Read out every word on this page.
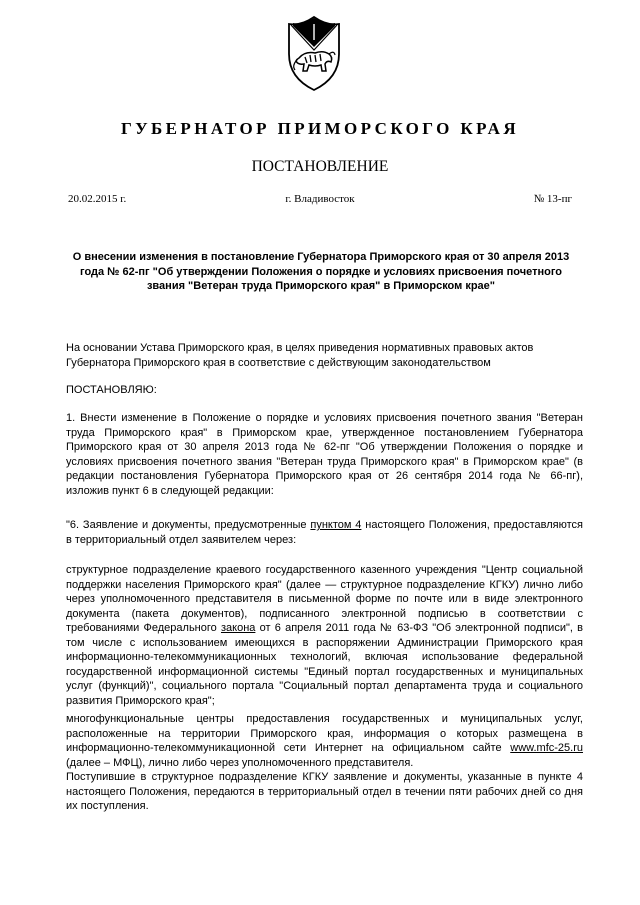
ГУБЕРНАТОР ПРИМОРСКОГО КРАЯ
ПОСТАНОВЛЕНИЕ
20.02.2015 г.	г. Владивосток	№ 13-пг
О внесении изменения в постановление Губернатора Приморского края от 30 апреля 2013 года № 62-пг "Об утверждении Положения о порядке и условиях присвоения почетного звания "Ветеран труда Приморского края" в Приморском крае"
На основании Устава Приморского края, в целях приведения нормативных правовых актов Губернатора Приморского края в соответствие с действующим законодательством
ПОСТАНОВЛЯЮ:
1. Внести изменение в Положение о порядке и условиях присвоения почетного звания "Ветеран труда Приморского края" в Приморском крае, утвержденное постановлением Губернатора Приморского края от 30 апреля 2013 года № 62-пг "Об утверждении Положения о порядке и условиях присвоения почетного звания "Ветеран труда Приморского края" в Приморском крае" (в редакции постановления Губернатора Приморского края от 26 сентября 2014 года № 66-пг), изложив пункт 6 в следующей редакции:
"6. Заявление и документы, предусмотренные пунктом 4 настоящего Положения, предоставляются в территориальный отдел заявителем через:
структурное подразделение краевого государственного казенного учреждения "Центр социальной поддержки населения Приморского края" (далее — структурное подразделение КГКУ) лично либо через уполномоченного представителя в письменной форме по почте или в виде электронного документа (пакета документов), подписанного электронной подписью в соответствии с требованиями Федерального закона от 6 апреля 2011 года № 63-ФЗ "Об электронной подписи", в том числе с использованием имеющихся в распоряжении Администрации Приморского края информационно-телекоммуникационных технологий, включая использование федеральной государственной информационной системы "Единый портал государственных и муниципальных услуг (функций)", социального портала "Социальный портал департамента труда и социального развития Приморского края";
многофункциональные центры предоставления государственных и муниципальных услуг, расположенные на территории Приморского края, информация о которых размещена в информационно-телекоммуникационной сети Интернет на официальном сайте www.mfc-25.ru (далее – МФЦ), лично либо через уполномоченного представителя.
Поступившие в структурное подразделение КГКУ заявление и документы, указанные в пункте 4 настоящего Положения, передаются в территориальный отдел в течении пяти рабочих дней со дня их поступления.
